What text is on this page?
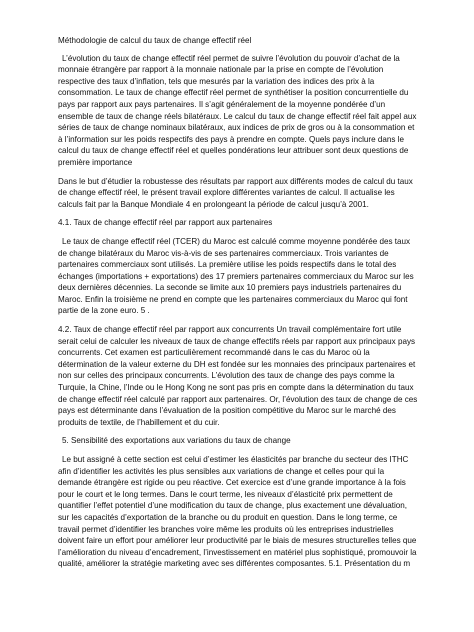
Méthodologie de calcul du taux de change effectif réel

L’évolution du taux de change effectif réel permet de suivre l’évolution du pouvoir d’achat de la monnaie étrangère par rapport à la monnaie nationale par la prise en compte de l’évolution respective des taux d’inflation, tels que mesurés par la variation des indices des prix à la consommation. Le taux de change effectif réel permet de synthétiser la position concurrentielle du pays par rapport aux pays partenaires. Il s’agit généralement de la moyenne pondérée d’un ensemble de taux de change réels bilatéraux. Le calcul du taux de change effectif réel fait appel aux séries de taux de change nominaux bilatéraux, aux indices de prix de gros ou à la consommation et à l’information sur les poids respectifs des pays à prendre en compte. Quels pays inclure dans le calcul du taux de change effectif réel et quelles pondérations leur attribuer sont deux questions de première importance

Dans le but d’étudier la robustesse des résultats par rapport aux différents modes de calcul du taux de change effectif réel, le présent travail explore différentes variantes de calcul. Il actualise les calculs fait par la Banque Mondiale 4 en prolongeant la période de calcul jusqu’à 2001.

4.1. Taux de change effectif réel par rapport aux partenaires

Le taux de change effectif réel (TCER) du Maroc est calculé comme moyenne pondérée des taux de change bilatéraux du Maroc vis-à-vis de ses partenaires commerciaux. Trois variantes de partenaires commerciaux sont utilisés. La première utilise les poids respectifs dans le total des échanges (importations + exportations) des 17 premiers partenaires commerciaux du Maroc sur les deux dernières décennies. La seconde se limite aux 10 premiers pays industriels partenaires du Maroc. Enfin la troisième ne prend en compte que les partenaires commerciaux du Maroc qui font partie de la zone euro. 5 .

4.2. Taux de change effectif réel par rapport aux concurrents Un travail complémentaire fort utile serait celui de calculer les niveaux de taux de change effectifs réels par rapport aux principaux pays concurrents. Cet examen est particulièrement recommandé dans le cas du Maroc où la détermination de la valeur externe du DH est fondée sur les monnaies des principaux partenaires et non sur celles des principaux concurrents. L’évolution des taux de change des pays comme la Turquie, la Chine, l’Inde ou le Hong Kong ne sont pas pris en compte dans la détermination du taux de change effectif réel calculé par rapport aux partenaires. Or, l’évolution des taux de change de ces pays est déterminante dans l’évaluation de la position compétitive du Maroc sur le marché des produits de textile, de l’habillement et du cuir.

5. Sensibilité des exportations aux variations du taux de change

Le but assigné à cette section est celui d’estimer les élasticités par branche du secteur des ITHC afin d’identifier les activités les plus sensibles aux variations de change et celles pour qui la demande étrangère est rigide ou peu réactive. Cet exercice est d’une grande importance à la fois pour le court et le long termes. Dans le court terme, les niveaux d’élasticité prix permettent de quantifier l’effet potentiel d’une modification du taux de change, plus exactement une dévaluation, sur les capacités d’exportation de la branche ou du produit en question. Dans le long terme, ce travail permet d’identifier les branches voire même les produits où les entreprises industrielles doivent faire un effort pour améliorer leur productivité par le biais de mesures structurelles telles que l’amélioration du niveau d’encadrement, l’investissement en matériel plus sophistiqué, promouvoir la qualité, améliorer la stratégie marketing avec ses différentes composantes. 5.1. Présentation du m
